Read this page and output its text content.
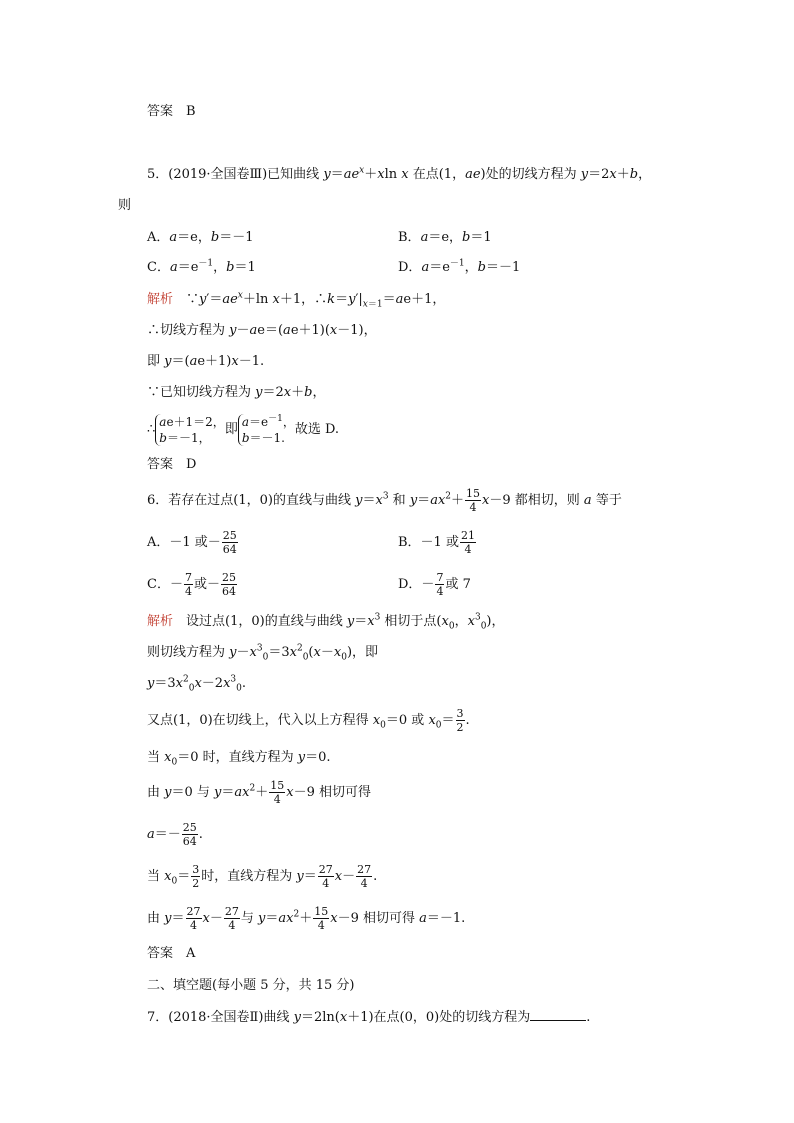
答案　B
5．(2019·全国卷Ⅲ)已知曲线 $y=ae^x+xln$ x 在点(1，ae)处的切线方程为 y＝2x＋b，
则
A．a＝e，b＝－1	B．a＝e，b＝1
C．$a=e^{-1}$，b＝1	D．$a=e^{-1}$，b＝－1
解析　$\because y'=ae^x+\ln$ x＋1，$\therefore k=y'|_{x=1}=ae+1$，
∴切线方程为 y－ae＝(ae＋1)(x－1)，
即 y＝(ae＋1)x－1.
∵已知切线方程为 y＝2x＋b，
∴
ae＋1＝2，
b＝－1，
即
$a=e^{-1}$，
b＝－1.
故选 D.
答案　D
6．若存在过点(1，0)的直线与曲线 $y=x^3$ 和 $y=ax^2+ \frac{15}{4} x-9$ 都相切，则 a 等于
A．－1 或－ $\frac{25}{64}$	B．－1 或 $\frac{21}{4}$
C．－ $\frac{7}{4}$ 或－ $\frac{25}{64}$	D．－ $\frac{7}{4}$ 或 7
解析　设过点(1，0)的直线与曲线 $y=x^3$ 相切于点($x_0$，$x^3_0$)，
则切线方程为 $y-x^3_0=3x^2_0(x-x_0)$，即
$y=3x^2_0x-2x^3_0$.
又点(1，0)在切线上，代入以上方程得 $x_0=0$ 或 $x_0= \frac{3}{2}$ .
当 $x_0=0$ 时，直线方程为 y＝0.
由 y＝0 与 $y=ax^2+ \frac{15}{4} x-9$ 相切可得
$a=- \frac{25}{64}$ .
当 $x_0= \frac{3}{2}$ 时，直线方程为 $y= \frac{27}{4} x- \frac{27}{4}$ .
由 $y= \frac{27}{4} x- \frac{27}{4}$ 与 $y=ax^2+ \frac{15}{4} x-9$ 相切可得 a＝－1.
答案　A
二、填空题(每小题 5 分，共 15 分)
7．(2018·全国卷Ⅱ)曲线 y＝2ln(x＋1)在点(0，0)处的切线方程为	.
